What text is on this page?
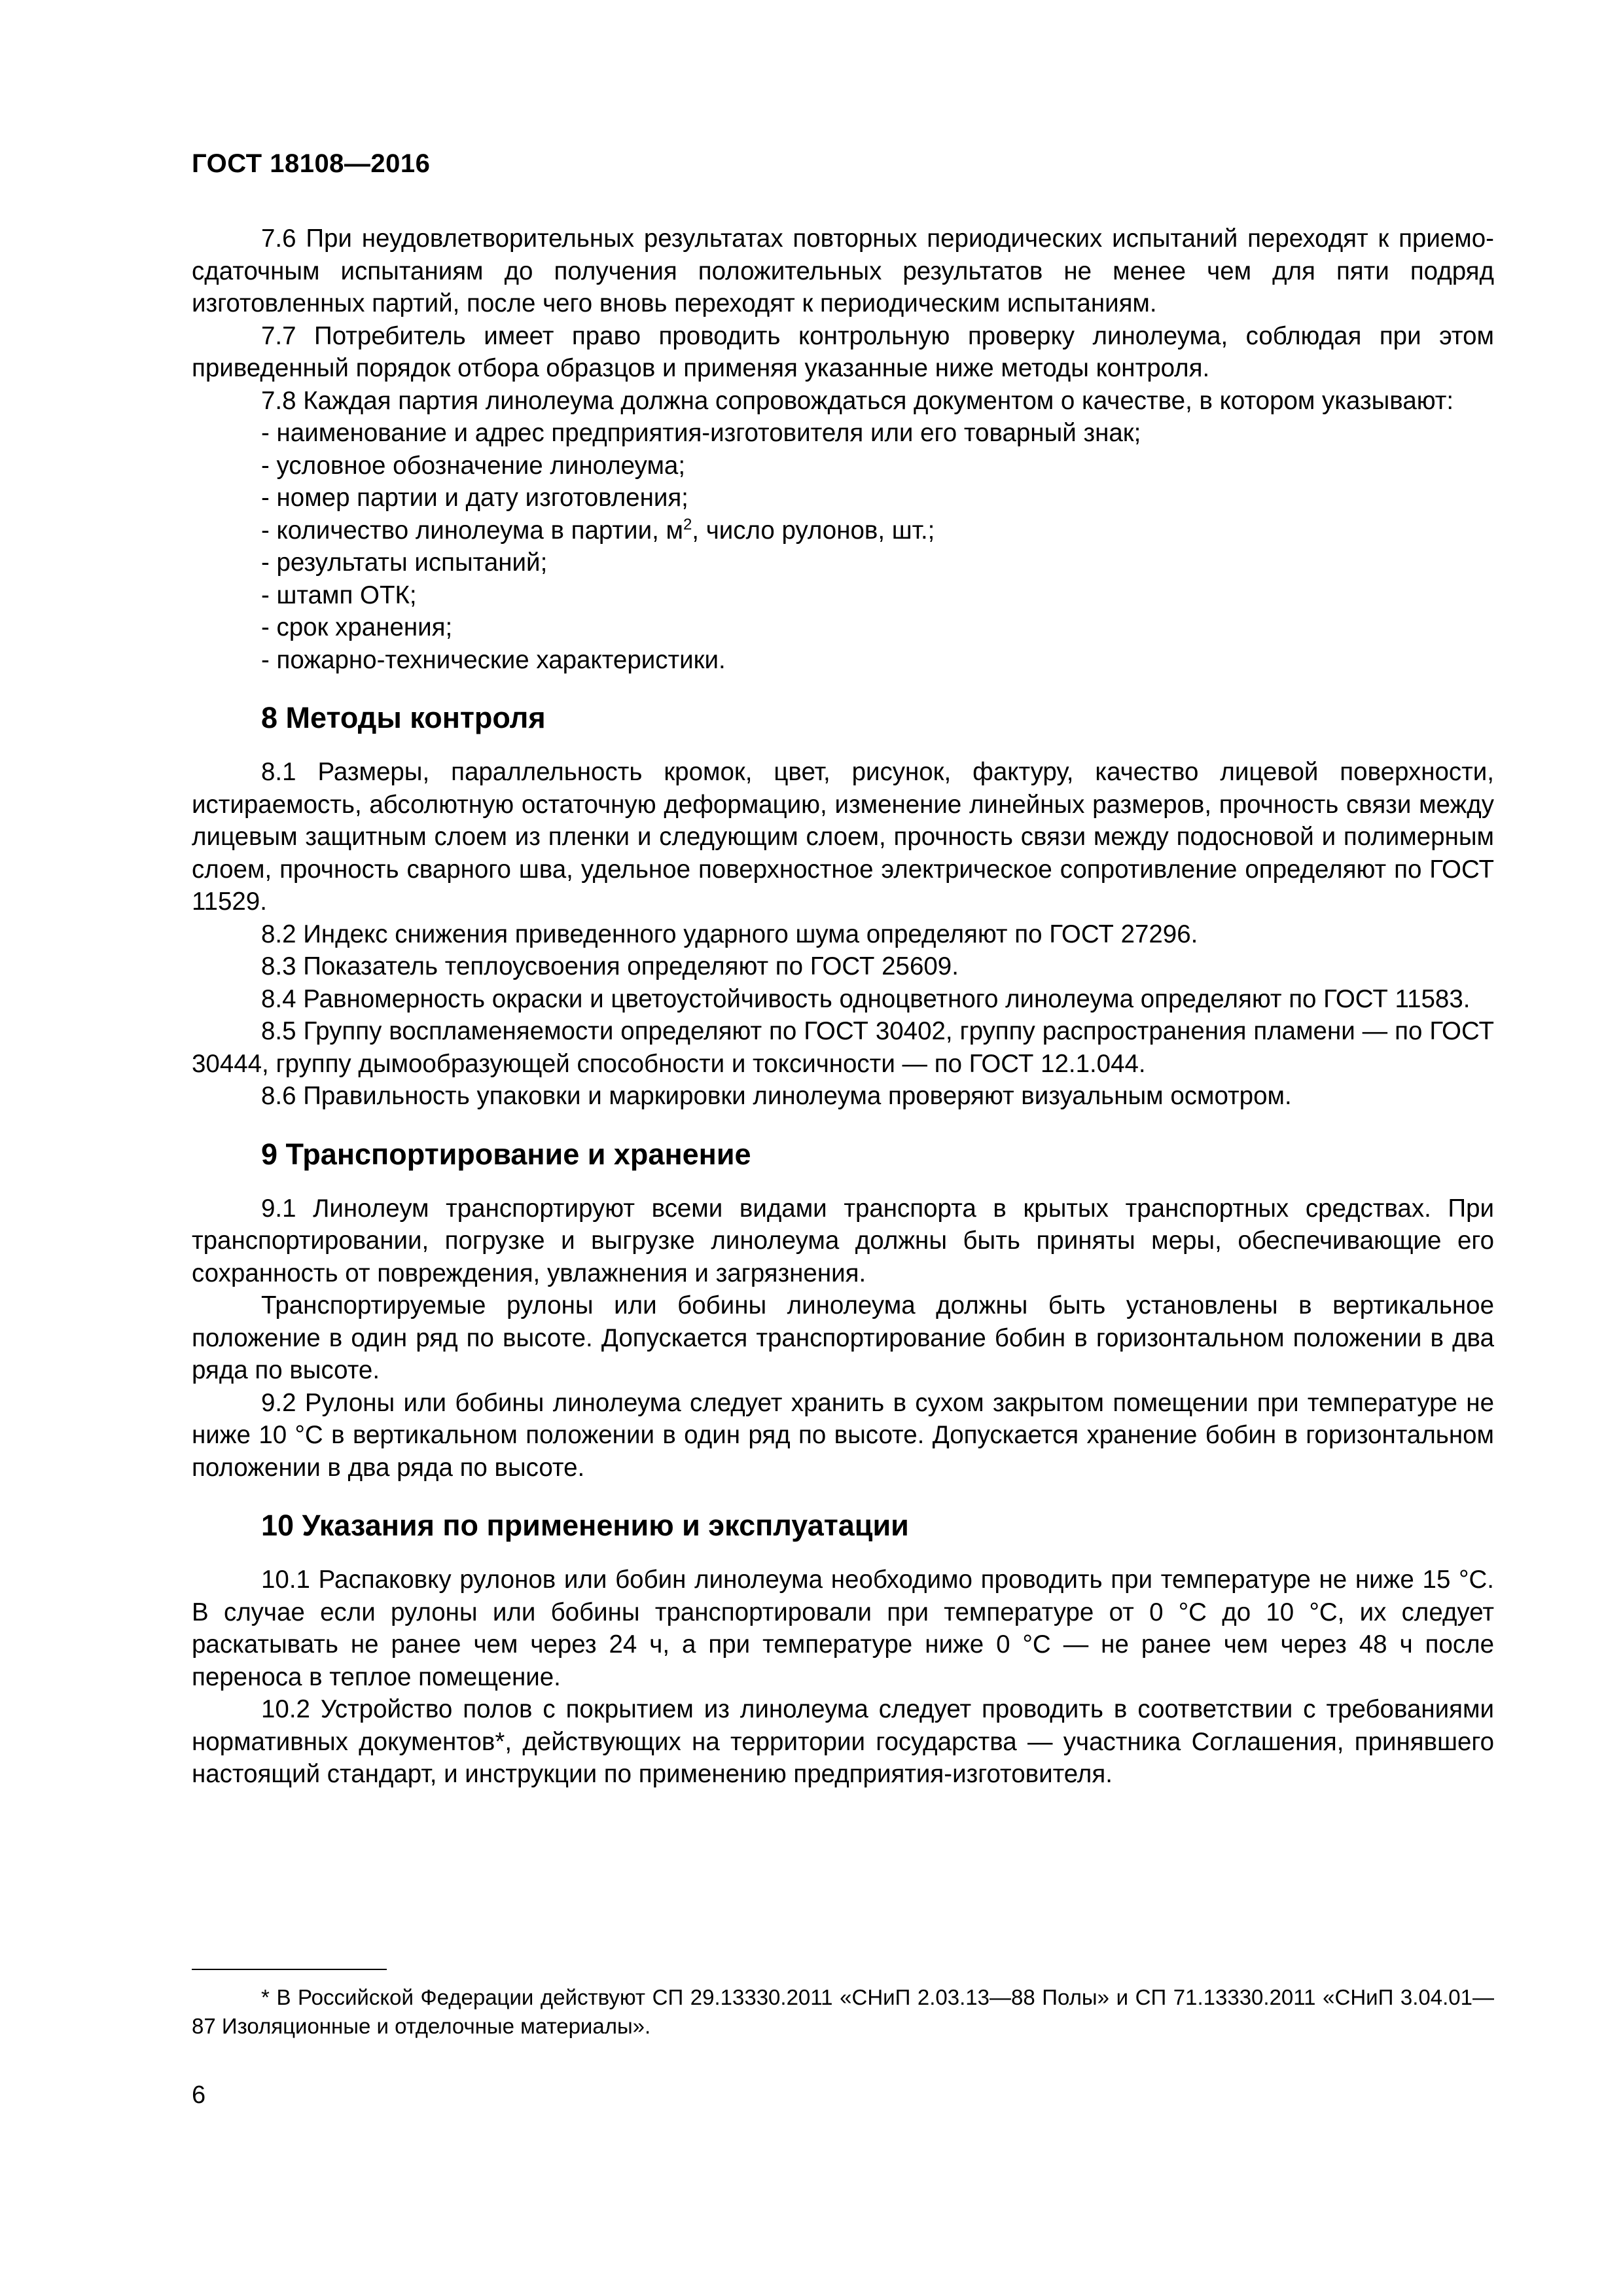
ГОСТ 18108—2016

7.6 При неудовлетворительных результатах повторных периодических испытаний переходят к приемо-сдаточным испытаниям до получения положительных результатов не менее чем для пяти подряд изготовленных партий, после чего вновь переходят к периодическим испытаниям.

7.7 Потребитель имеет право проводить контрольную проверку линолеума, соблюдая при этом приведенный порядок отбора образцов и применяя указанные ниже методы контроля.

7.8 Каждая партия линолеума должна сопровождаться документом о качестве, в котором указывают:

- наименование и адрес предприятия-изготовителя или его товарный знак;

- условное обозначение линолеума;

- номер партии и дату изготовления;

- количество линолеума в партии, $м^2$, число рулонов, шт.;

- результаты испытаний;

- штамп ОТК;

- срок хранения;

- пожарно-технические характеристики.

8 Методы контроля

8.1 Размеры, параллельность кромок, цвет, рисунок, фактуру, качество лицевой поверхности, истираемость, абсолютную остаточную деформацию, изменение линейных размеров, прочность связи между лицевым защитным слоем из пленки и следующим слоем, прочность связи между подосновой и полимерным слоем, прочность сварного шва, удельное поверхностное электрическое сопротивление определяют по ГОСТ 11529.

8.2 Индекс снижения приведенного ударного шума определяют по ГОСТ 27296.

8.3 Показатель теплоусвоения определяют по ГОСТ 25609.

8.4 Равномерность окраски и цветоустойчивость одноцветного линолеума определяют по ГОСТ 11583.

8.5 Группу воспламеняемости определяют по ГОСТ 30402, группу распространения пламени — по ГОСТ 30444, группу дымообразующей способности и токсичности — по ГОСТ 12.1.044.

8.6 Правильность упаковки и маркировки линолеума проверяют визуальным осмотром.

9 Транспортирование и хранение

9.1 Линолеум транспортируют всеми видами транспорта в крытых транспортных средствах. При транспортировании, погрузке и выгрузке линолеума должны быть приняты меры, обеспечивающие его сохранность от повреждения, увлажнения и загрязнения.

Транспортируемые рулоны или бобины линолеума должны быть установлены в вертикальное положение в один ряд по высоте. Допускается транспортирование бобин в горизонтальном положении в два ряда по высоте.

9.2 Рулоны или бобины линолеума следует хранить в сухом закрытом помещении при температуре не ниже 10 °С в вертикальном положении в один ряд по высоте. Допускается хранение бобин в горизонтальном положении в два ряда по высоте.

10 Указания по применению и эксплуатации

10.1 Распаковку рулонов или бобин линолеума необходимо проводить при температуре не ниже 15 °С. В случае если рулоны или бобины транспортировали при температуре от 0 °С до 10 °С, их следует раскатывать не ранее чем через 24 ч, а при температуре ниже 0 °С — не ранее чем через 48 ч после переноса в теплое помещение.

10.2 Устройство полов с покрытием из линолеума следует проводить в соответствии с требованиями нормативных документов*, действующих на территории государства — участника Соглашения, принявшего настоящий стандарт, и инструкции по применению предприятия-изготовителя.

* В Российской Федерации действуют СП 29.13330.2011 «СНиП 2.03.13—88 Полы» и СП 71.13330.2011 «СНиП 3.04.01—87 Изоляционные и отделочные материалы».

6
